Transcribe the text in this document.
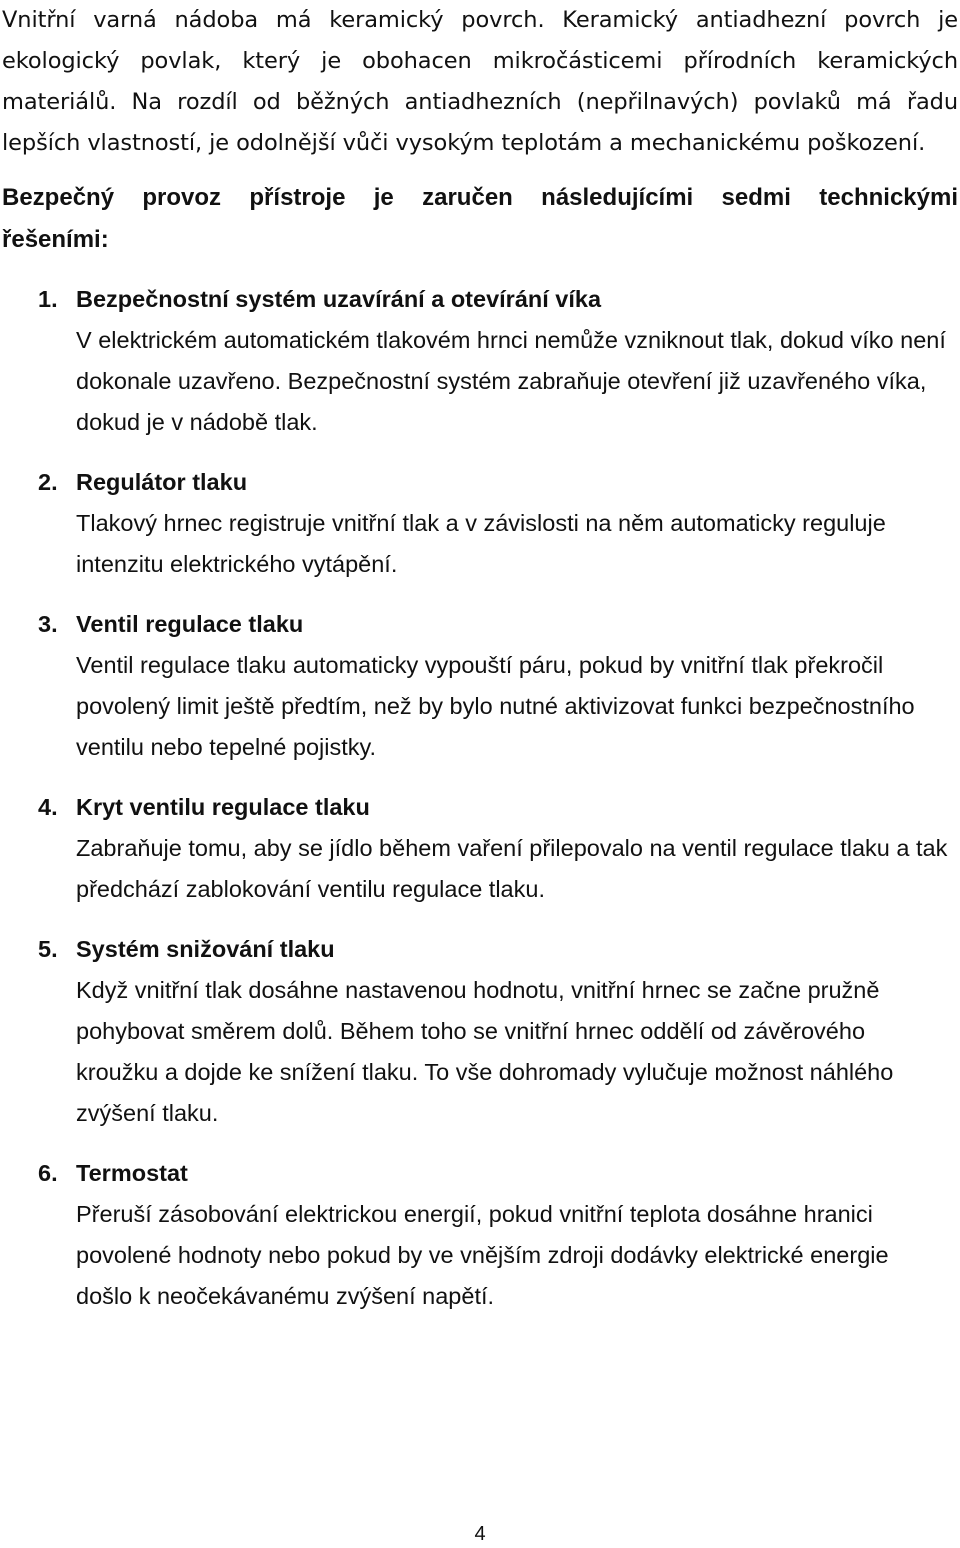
Vnitřní varná nádoba má keramický povrch. Keramický antiadhezní povrch je ekologický povlak, který je obohacen mikročásticemi přírodních keramických materiálů. Na rozdíl od běžných antiadhezních (nepřilnavých) povlaků má řadu lepších vlastností, je odolnější vůči vysokým teplotám a mechanickému poškození.

Bezpečný provoz přístroje je zaručen následujícími sedmi technickými řešeními:

1. Bezpečnostní systém uzavírání a otevírání víka
V elektrickém automatickém tlakovém hrnci nemůže vzniknout tlak, dokud víko není dokonale uzavřeno. Bezpečnostní systém zabraňuje otevření již uzavřeného víka, dokud je v nádobě tlak.
2. Regulátor tlaku
Tlakový hrnec registruje vnitřní tlak a v závislosti na něm automaticky reguluje intenzitu elektrického vytápění.
3. Ventil regulace tlaku
Ventil regulace tlaku automaticky vypouští páru, pokud by vnitřní tlak překročil povolený limit ještě předtím, než by bylo nutné aktivizovat funkci bezpečnostního ventilu nebo tepelné pojistky.
4. Kryt ventilu regulace tlaku
Zabraňuje tomu, aby se jídlo během vaření přilepovalo na ventil regulace tlaku a tak předchází zablokování ventilu regulace tlaku.
5. Systém snižování tlaku
Když vnitřní tlak dosáhne nastavenou hodnotu, vnitřní hrnec se začne pružně pohybovat směrem dolů. Během toho se vnitřní hrnec oddělí od závěrového kroužku a dojde ke snížení tlaku. To vše dohromady vylučuje možnost náhlého zvýšení tlaku.
6. Termostat
Přeruší zásobování elektrickou energií, pokud vnitřní teplota dosáhne hranici povolené hodnoty nebo pokud by ve vnějším zdroji dodávky elektrické energie došlo k neočekávanému zvýšení napětí.
4
